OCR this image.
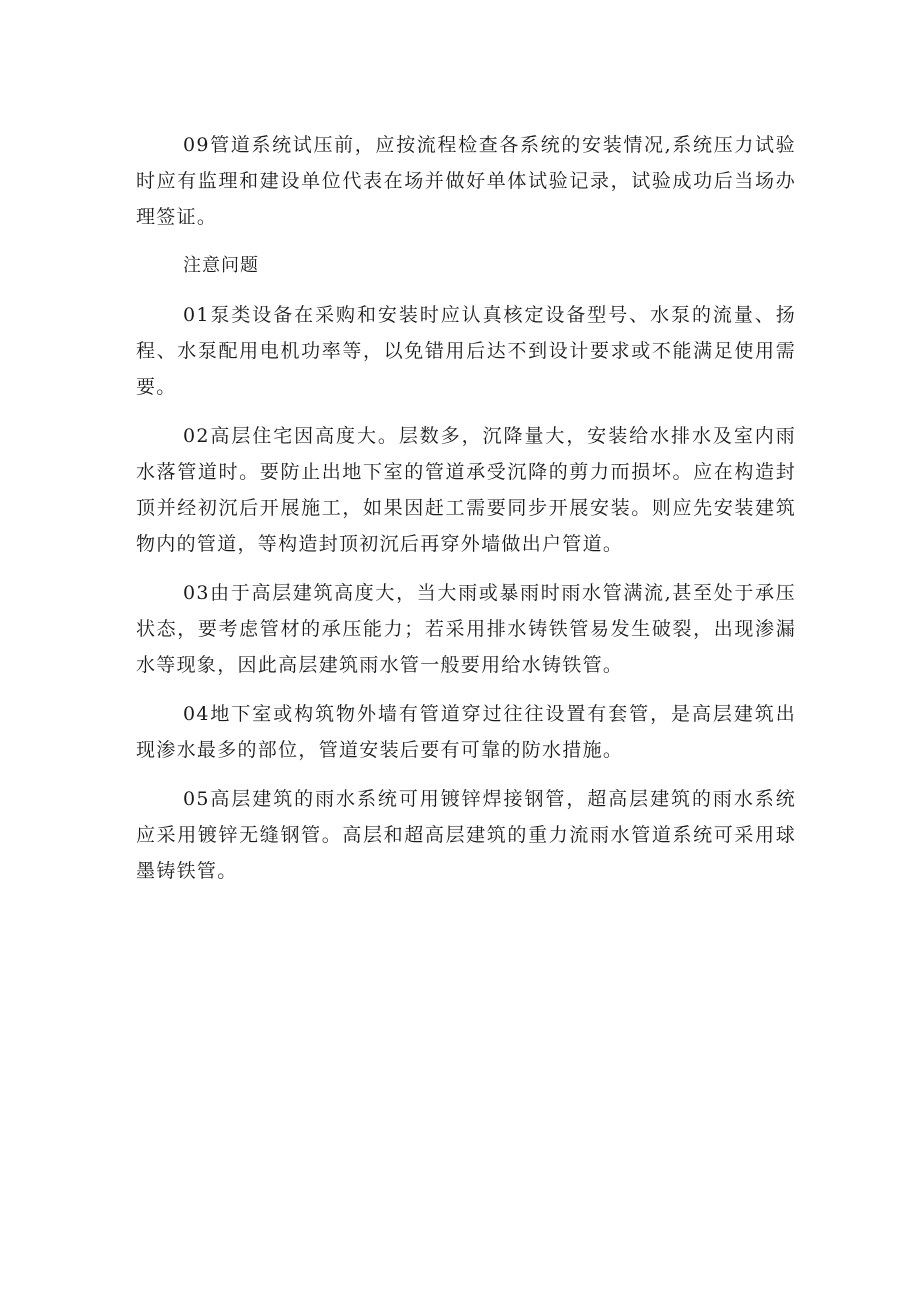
09管道系统试压前，应按流程检查各系统的安装情况,系统压力试验时应有监理和建设单位代表在场并做好单体试验记录，试验成功后当场办理签证。

注意问题

01泵类设备在采购和安装时应认真核定设备型号、水泵的流量、扬程、水泵配用电机功率等，以免错用后达不到设计要求或不能满足使用需要。

02高层住宅因高度大。层数多，沉降量大，安装给水排水及室内雨水落管道时。要防止出地下室的管道承受沉降的剪力而损坏。应在构造封顶并经初沉后开展施工，如果因赶工需要同步开展安装。则应先安装建筑物内的管道，等构造封顶初沉后再穿外墙做出户管道。

03由于高层建筑高度大，当大雨或暴雨时雨水管满流,甚至处于承压状态，要考虑管材的承压能力；若采用排水铸铁管易发生破裂，出现渗漏水等现象，因此高层建筑雨水管一般要用给水铸铁管。

04地下室或构筑物外墙有管道穿过往往设置有套管，是高层建筑出现渗水最多的部位，管道安装后要有可靠的防水措施。

05高层建筑的雨水系统可用镀锌焊接钢管，超高层建筑的雨水系统应采用镀锌无缝钢管。高层和超高层建筑的重力流雨水管道系统可采用球墨铸铁管。
